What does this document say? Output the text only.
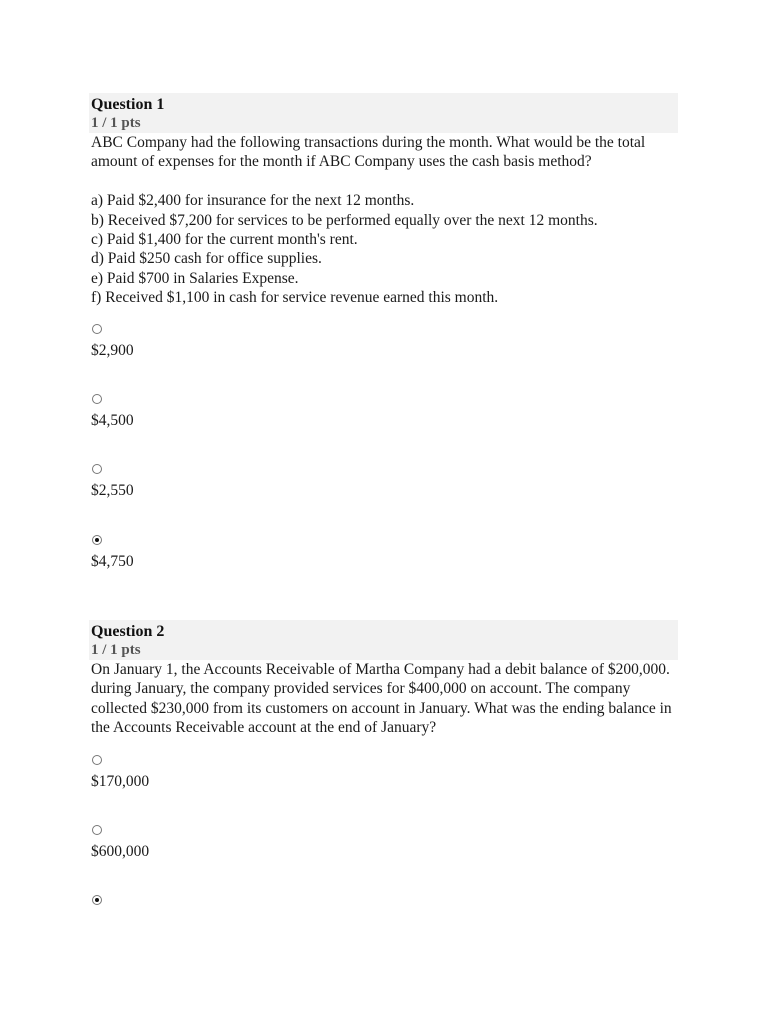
Question 1
1 / 1 pts

ABC Company had the following transactions during the month. What would be the total amount of expenses for the month if ABC Company uses the cash basis method?

a) Paid $2,400 for insurance for the next 12 months.

b) Received $7,200 for services to be performed equally over the next 12 months.

c) Paid $1,400 for the current month's rent.

d) Paid $250 cash for office supplies.

e) Paid $700 in Salaries Expense.

f) Received $1,100 in cash for service revenue earned this month.

$2,900
$4,500
$2,550
$4,750
Question 2
1 / 1 pts

On January 1, the Accounts Receivable of Martha Company had a debit balance of $200,000. during January, the company provided services for $400,000 on account. The company collected $230,000 from its customers on account in January. What was the ending balance in the Accounts Receivable account at the end of January?

$170,000
$600,000
